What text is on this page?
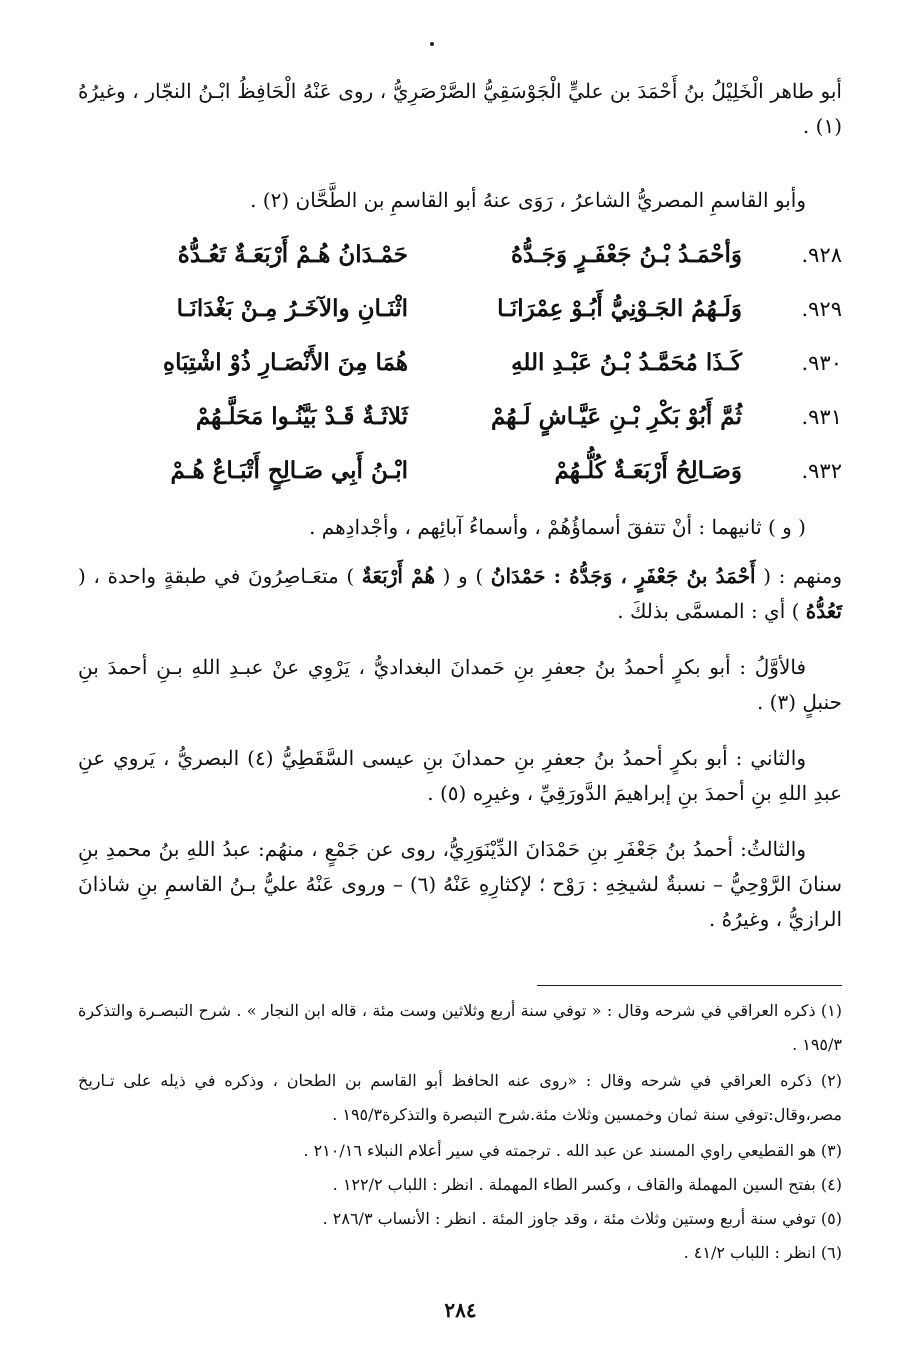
أبو طاهر الْخَلِيْلُ بنُ أَحْمَدَ بن عليٍّ الْجَوْسَقِيُّ الصَّرْصَرِيُّ ، روى عَنْهُ الْحَافِظُ ابْـنُ النجّار ، وغيرُهُ (١) .

وأبو القاسمِ المصريُّ الشاعرُ ، رَوَى عنهُ أبو القاسمِ بن الطَّحَّان (٢) .

٩٢٨.
وَأحْمَـدُ بْـنُ جَعْفَـرٍ وَجَـدُّهُ
حَمْـدَانُ هُـمْ أَرْبَعَـةٌ تَعُـدُّهُ
٩٢٩.
وَلَـهُمُ الجَـوْنِيُّ أَبُـوْ عِمْرَانَـا
اثْنَـانِ والآخَـرُ مِـنْ بَغْدَانَـا
٩٣٠.
كَـذَا مُحَمَّـدُ بْـنُ عَبْـدِ اللهِ
هُمَا مِنَ الأَنْصَـارِ ذُوْ اشْتِبَاهِ
٩٣١.
ثُمَّ أَبُوْ بَكْرِ بْـنِ عَيَّـاشٍ لَـهُمْ
ثَلاثَـةٌ قَـدْ بَيَّنُـوا مَحَلَّـهُمْ
٩٣٢.
وَصَـالِحُ أَرْبَعَـةٌ كُلُّـهُمْ
ابْـنُ أَبِي صَـالِحٍ أَتْبَـاعٌ هُـمْ

( و ) ثانيهما : أنْ تتفقَ أسماؤُهُمْ ، وأسماءُ آبائِهم ، وأجْدادِهم .

ومنهم : ( أَحْمَدُ بنُ جَعْفَرٍ ، وَجَدُّهُ : حَمْدَانُ ) و ( هُمْ أَرْبَعَةٌ ) متعَـاصِرُونَ في طبقةٍ واحدة ، ( تَعُدُّهُ ) أي : المسمَّى بذلكَ .

فالأوَّلُ : أبو بكرٍ أحمدُ بنُ جعفرِ بنِ حَمدانَ البغداديُّ ، يَرْوِي عنْ عبـدِ اللهِ بـنِ أحمدَ بنِ حنبلٍ (٣) .

والثاني : أبو بكرٍ أحمدُ بنُ جعفرِ بنِ حمدانَ بنِ عيسى السَّقَطِيُّ (٤) البصريُّ ، يَروي عنِ عبدِ اللهِ بنِ أحمدَ بنِ إبراهيمَ الدَّورَقِيِّ ، وغيرِه (٥) .

والثالثُ: أحمدُ بنُ جَعْفَرِ بنِ حَمْدَانَ الدِّيْنَوَرِيُّ، روى عن جَمْعٍ ، منهُم: عبدُ اللهِ بنُ محمدِ بنِ سنانَ الرَّوْحِيُّ – نسبةٌ لشيخِهِ : رَوْح ؛ لإكثارِهِ عَنْهُ (٦) – وروى عَنْهُ عليُّ بـنُ القاسمِ بنِ شاذانَ الرازيُّ ، وغيرُهُ .

(١) ذكره العراقي في شرحه وقال : « توفي سنة أربع وثلاثين وست مئة ، قاله ابن النجار » . شرح التبصـرة والتذكرة ١٩٥/٣ .

(٢) ذكره العراقي في شرحه وقال : «روى عنه الحافظ أبو القاسم بن الطحان ، وذكره في ذيله على تـاريخ مصر،وقال:توفي سنة ثمان وخمسين وثلاث مئة.شرح التبصرة والتذكرة١٩٥/٣ .

(٣) هو القطيعي راوي المسند عن عبد الله . ترجمته في سير أعلام النبلاء ٢١٠/١٦ .

(٤) بفتح السين المهملة والقاف ، وكسر الطاء المهملة . انظر : اللباب ١٢٢/٢ .

(٥) توفي سنة أربع وستين وثلاث مئة ، وقد جاوز المئة . انظر : الأنساب ٢٨٦/٣ .

(٦) انظر : اللباب ٤١/٢ .

٢٨٤
